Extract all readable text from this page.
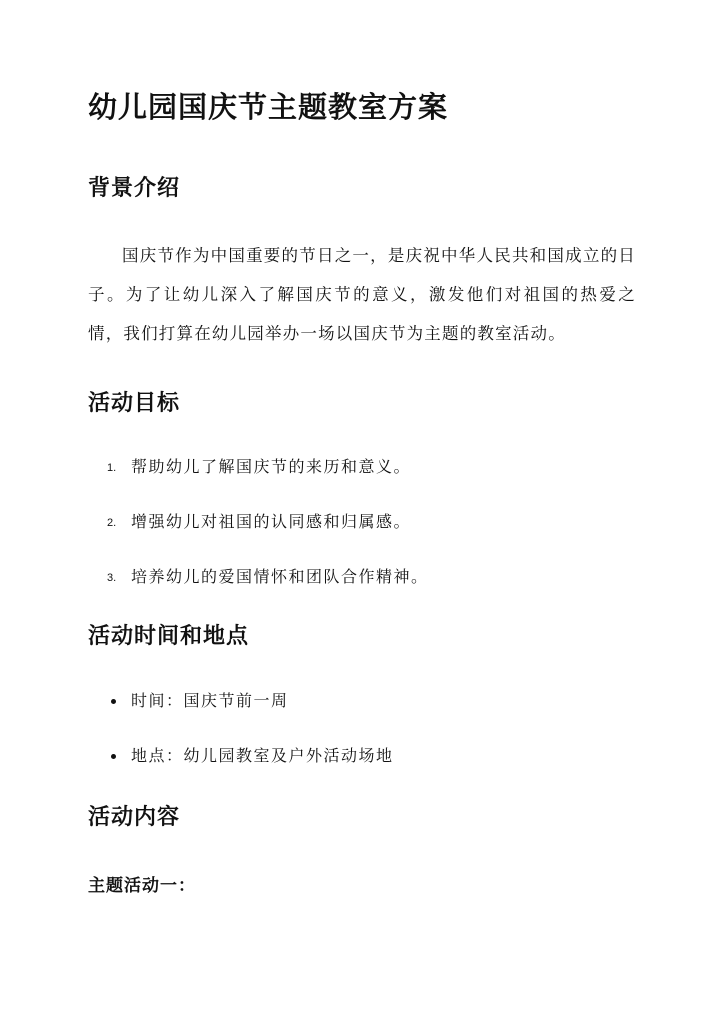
幼儿园国庆节主题教室方案
背景介绍

国庆节作为中国重要的节日之一，是庆祝中华人民共和国成立的日子。为了让幼儿深入了解国庆节的意义，激发他们对祖国的热爱之情，我们打算在幼儿园举办一场以国庆节为主题的教室活动。

活动目标
1. 帮助幼儿了解国庆节的来历和意义。
2. 增强幼儿对祖国的认同感和归属感。
3. 培养幼儿的爱国情怀和团队合作精神。
活动时间和地点
时间：国庆节前一周
地点：幼儿园教室及户外活动场地
活动内容
主题活动一：
